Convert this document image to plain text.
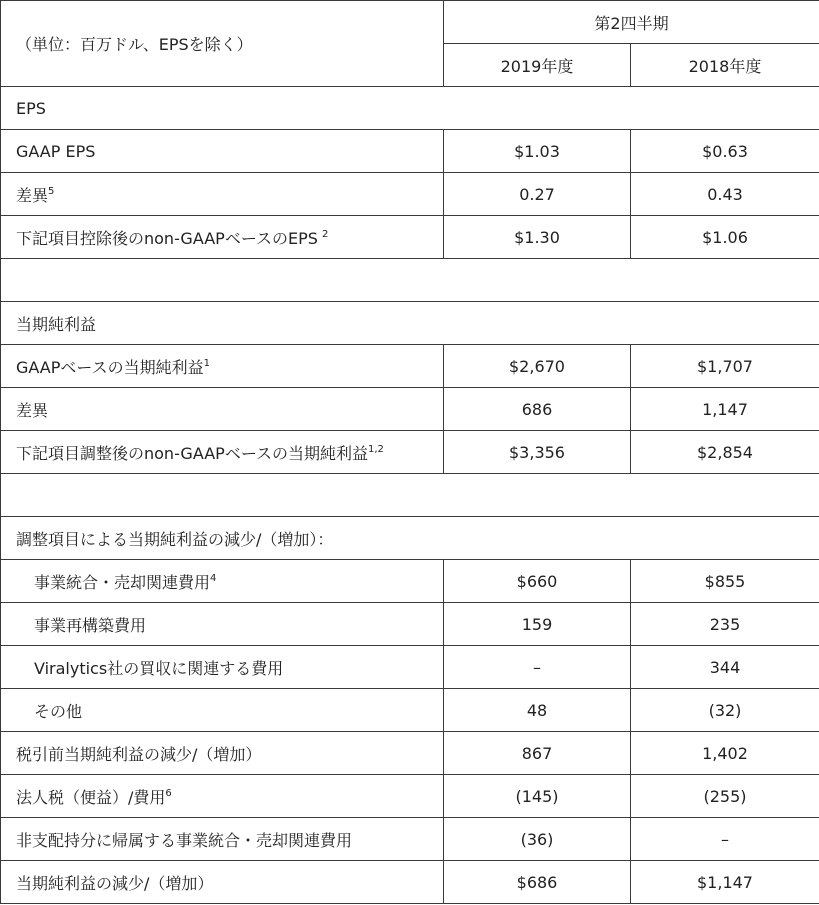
（単位：百万ドル、EPSを除く）	第2四半期	
	2019年度	2018年度
EPS		
GAAP EPS	$1.03	$0.63
差異$^5$	0.27	0.43
下記項目控除後のnon-GAAPベースのEPS $^2$	$1.30	$1.06

当期純利益		
GAAPベースの当期純利益$^1$	$2,670	$1,707
差異	686	1,147
下記項目調整後のnon-GAAPベースの当期純利益$^{1,2}$	$3,356	$2,854

調整項目による当期純利益の減少/（増加）：		
事業統合・売却関連費用$^4$	$660	$855
事業再構築費用	159	235
Viralytics社の買収に関連する費用	–	344
その他	48	(32)
税引前当期純利益の減少/（増加）	867	1,402
法人税（便益）/費用$^6$	(145)	(255)
非支配持分に帰属する事業統合・売却関連費用	(36)	–
当期純利益の減少/（増加）	$686	$1,147
